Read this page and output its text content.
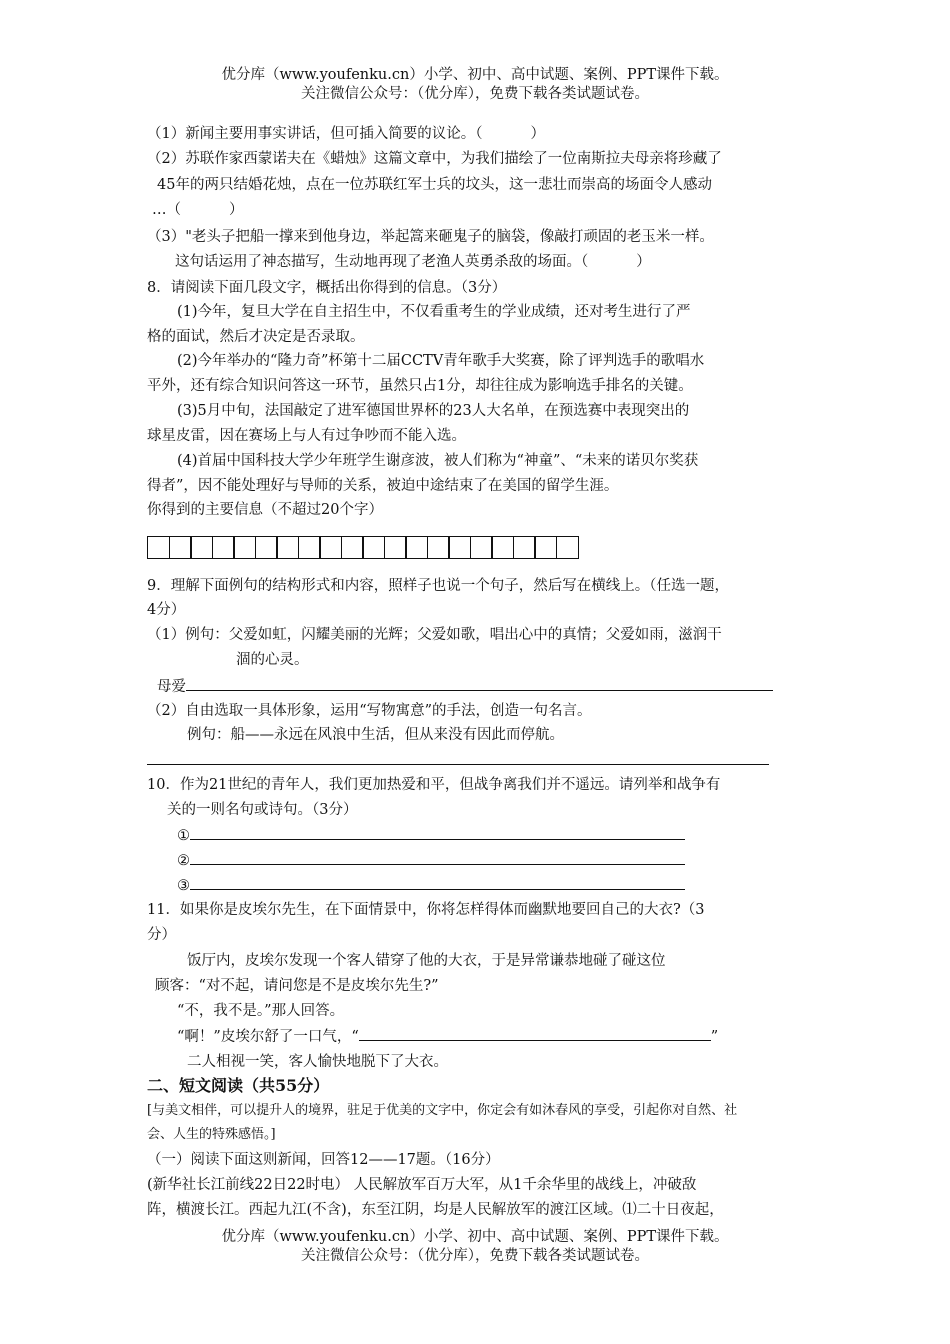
优分库（www.youfenku.cn）小学、初中、高中试题、案例、PPT课件下载。
关注微信公众号：（优分库），免费下载各类试题试卷。
（1）新闻主要用事实讲话，但可插入简要的议论。（	）
（2）苏联作家西蒙诺夫在《蜡烛》这篇文章中，为我们描绘了一位南斯拉夫母亲将珍藏了
45年的两只结婚花烛，点在一位苏联红军士兵的坟头，这一悲壮而崇高的场面令人感动
…（	）
（3）"老头子把船一撑来到他身边，举起篙来砸鬼子的脑袋，像敲打顽固的老玉米一样。
这句话运用了神态描写，生动地再现了老渔人英勇杀敌的场面。（	）
8．请阅读下面几段文字，概括出你得到的信息。（3分）
(1)今年，复旦大学在自主招生中，不仅看重考生的学业成绩，还对考生进行了严
格的面试，然后才决定是否录取。
(2)今年举办的“隆力奇”杯第十二届CCTV青年歌手大奖赛，除了评判选手的歌唱水
平外，还有综合知识问答这一环节，虽然只占1分，却往往成为影响选手排名的关键。
(3)5月中旬，法国敲定了进军德国世界杯的23人大名单，在预选赛中表现突出的
球星皮雷，因在赛场上与人有过争吵而不能入选。
(4)首届中国科技大学少年班学生谢彦波，被人们称为“神童”、“未来的诺贝尔奖获
得者”，因不能处理好与导师的关系，被迫中途结束了在美国的留学生涯。
你得到的主要信息（不超过20个字）
9．理解下面例句的结构形式和内容，照样子也说一个句子，然后写在横线上。（任选一题，
4分）
（1）例句：父爱如虹，闪耀美丽的光辉；父爱如歌，唱出心中的真情；父爱如雨，滋润干
涸的心灵。
母爱
（2）自由选取一具体形象，运用“写物寓意”的手法，创造一句名言。
例句：船——永远在风浪中生活，但从来没有因此而停航。
10．作为21世纪的青年人，我们更加热爱和平，但战争离我们并不遥远。请列举和战争有
关的一则名句或诗句。（3分）
①
②
③
11．如果你是皮埃尔先生，在下面情景中，你将怎样得体而幽默地要回自己的大衣?（3
分）
饭厅内，皮埃尔发现一个客人错穿了他的大衣，于是异常谦恭地碰了碰这位
顾客：“对不起，请问您是不是皮埃尔先生?”
“不，我不是。”那人回答。
“啊！”皮埃尔舒了一口气，“	”
二人相视一笑，客人愉快地脱下了大衣。
二、短文阅读（共55分）
[与美文相伴，可以提升人的境界，驻足于优美的文字中，你定会有如沐春风的享受，引起你对自然、社
会、人生的特殊感悟。]
（一）阅读下面这则新闻，回答12——17题。（16分）
(新华社长江前线22日22时电） 人民解放军百万大军，从1千余华里的战线上，冲破敌
阵，横渡长江。西起九江(不含)，东至江阴，均是人民解放军的渡江区域。⑴二十日夜起，
优分库（www.youfenku.cn）小学、初中、高中试题、案例、PPT课件下载。
关注微信公众号：（优分库），免费下载各类试题试卷。
